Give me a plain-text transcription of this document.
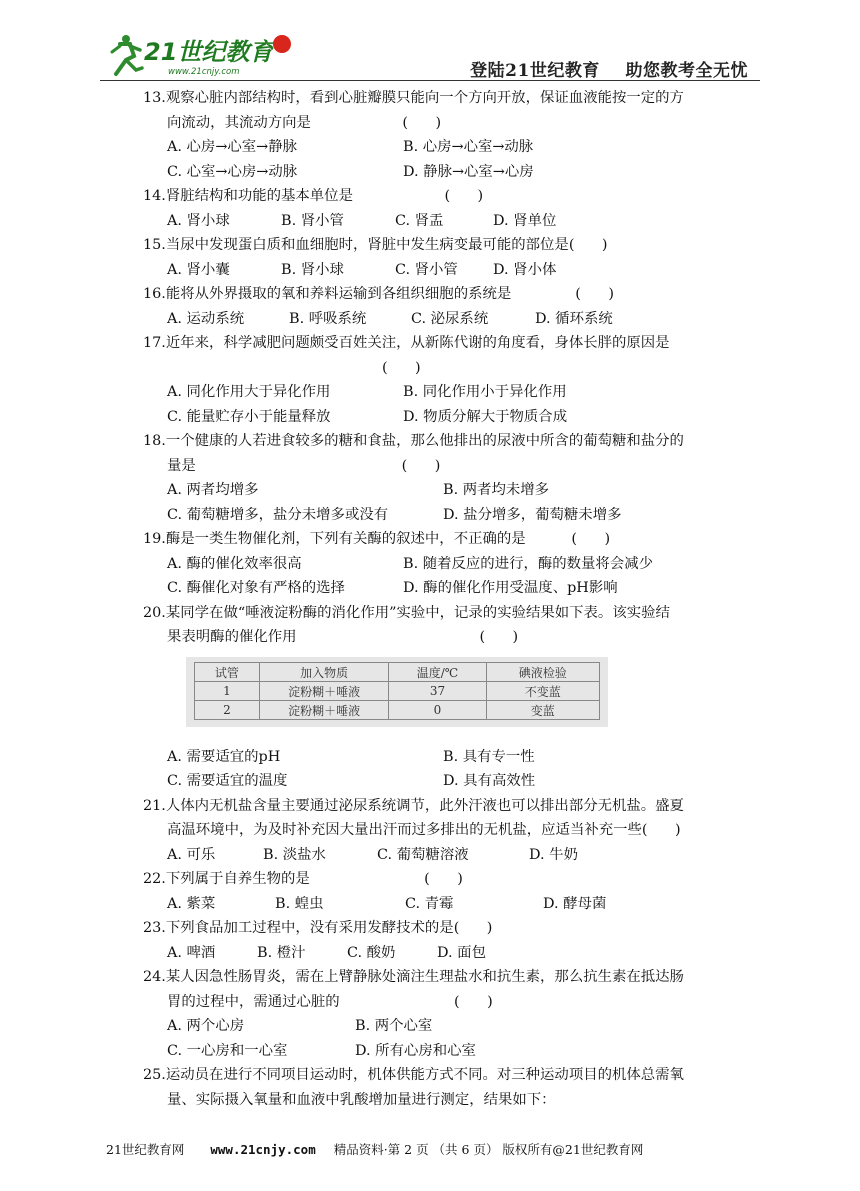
21世纪教育
www.21cnjy.com	登陆21世纪教育    助您教考全无忧
13.观察心脏内部结构时，看到心脏瓣膜只能向一个方向开放，保证血液能按一定的方
向流动，其流动方向是                    (      )
A. 心房→心室→静脉	B. 心房→心室→动脉
C. 心室→心房→动脉	D. 静脉→心室→心房
14.肾脏结构和功能的基本单位是                    (      )
A. 肾小球	B. 肾小管	C. 肾盂	D. 肾单位
15.当尿中发现蛋白质和血细胞时，肾脏中发生病变最可能的部位是(      )
A. 肾小囊	B. 肾小球	C. 肾小管 D. 肾小体
16.能将从外界摄取的氧和养料运输到各组织细胞的系统是              (      )
A. 运动系统	B. 呼吸系统	C. 泌尿系统	D. 循环系统
17.近年来，科学减肥问题颇受百姓关注，从新陈代谢的角度看，身体长胖的原因是
(      )
A. 同化作用大于异化作用	B. 同化作用小于异化作用
C. 能量贮存小于能量释放	D. 物质分解大于物质合成
18.一个健康的人若进食较多的糖和食盐，那么他排出的尿液中所含的葡萄糖和盐分的
量是                                             (      )
A. 两者均增多	B. 两者均未增多
C. 葡萄糖增多，盐分未增多或没有	D. 盐分增多，葡萄糖未增多
19.酶是一类生物催化剂，下列有关酶的叙述中，不正确的是          (      )
A. 酶的催化效率很高	B. 随着反应的进行，酶的数量将会减少
C. 酶催化对象有严格的选择	D. 酶的催化作用受温度、pH影响
20.某同学在做“唾液淀粉酶的消化作用”实验中，记录的实验结果如下表。该实验结
果表明酶的催化作用                                        (      )
A. 需要适宜的pH	B. 具有专一性
C. 需要适宜的温度	D. 具有高效性
21.人体内无机盐含量主要通过泌尿系统调节，此外汗液也可以排出部分无机盐。盛夏
高温环境中，为及时补充因大量出汗而过多排出的无机盐，应适当补充一些(      )
A. 可乐	B. 淡盐水	C. 葡萄糖溶液	D. 牛奶
22.下列属于自养生物的是                         (      )
A. 紫菜	B. 蝗虫	C. 青霉	D. 酵母菌
23.下列食品加工过程中，没有采用发酵技术的是(      )
A. 啤酒	B. 橙汁	C. 酸奶	D. 面包
24.某人因急性肠胃炎，需在上臂静脉处滴注生理盐水和抗生素，那么抗生素在抵达肠
胃的过程中，需通过心脏的                         (      )
A. 两个心房	B. 两个心室
C. 一心房和一心室	D. 所有心房和心室
25.运动员在进行不同项目运动时，机体供能方式不同。对三种运动项目的机体总需氧
量、实际摄入氧量和血液中乳酸增加量进行测定，结果如下：
试管	加入物质	温度/℃	碘液检验
1	淀粉糊＋唾液	37	不变蓝
2	淀粉糊＋唾液	0	变蓝
21世纪教育网 www.21cnjy.com 精品资料·第 2 页 （共 6 页） 版权所有@21世纪教育网
